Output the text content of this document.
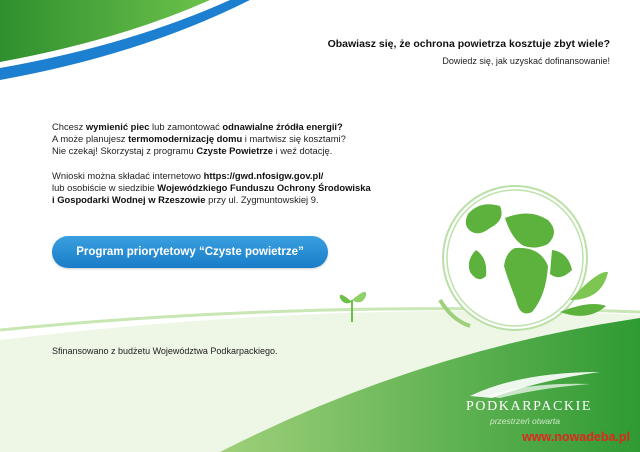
Obawiasz się, że ochrona powietrza kosztuje zbyt wiele?
Dowiedz się, jak uzyskać dofinansowanie!

Chcesz wymienić piec lub zamontować odnawialne źródła energii?
A może planujesz termomodernizację domu i martwisz się kosztami?
Nie czekaj! Skorzystaj z programu Czyste Powietrze i weź dotację.

Wnioski można składać internetowo https://gwd.nfosigw.gov.pl/
lub osobiście w siedzibie Wojewódzkiego Funduszu Ochrony Środowiska
i Gospodarki Wodnej w Rzeszowie przy ul. Zygmuntowskiej 9.

Program priorytetowy “Czyste powietrze”
Sfinansowano z budżetu Województwa Podkarpackiego.
PODKARPACKIE
przestrzeń otwarta
www.nowadeba.pl
